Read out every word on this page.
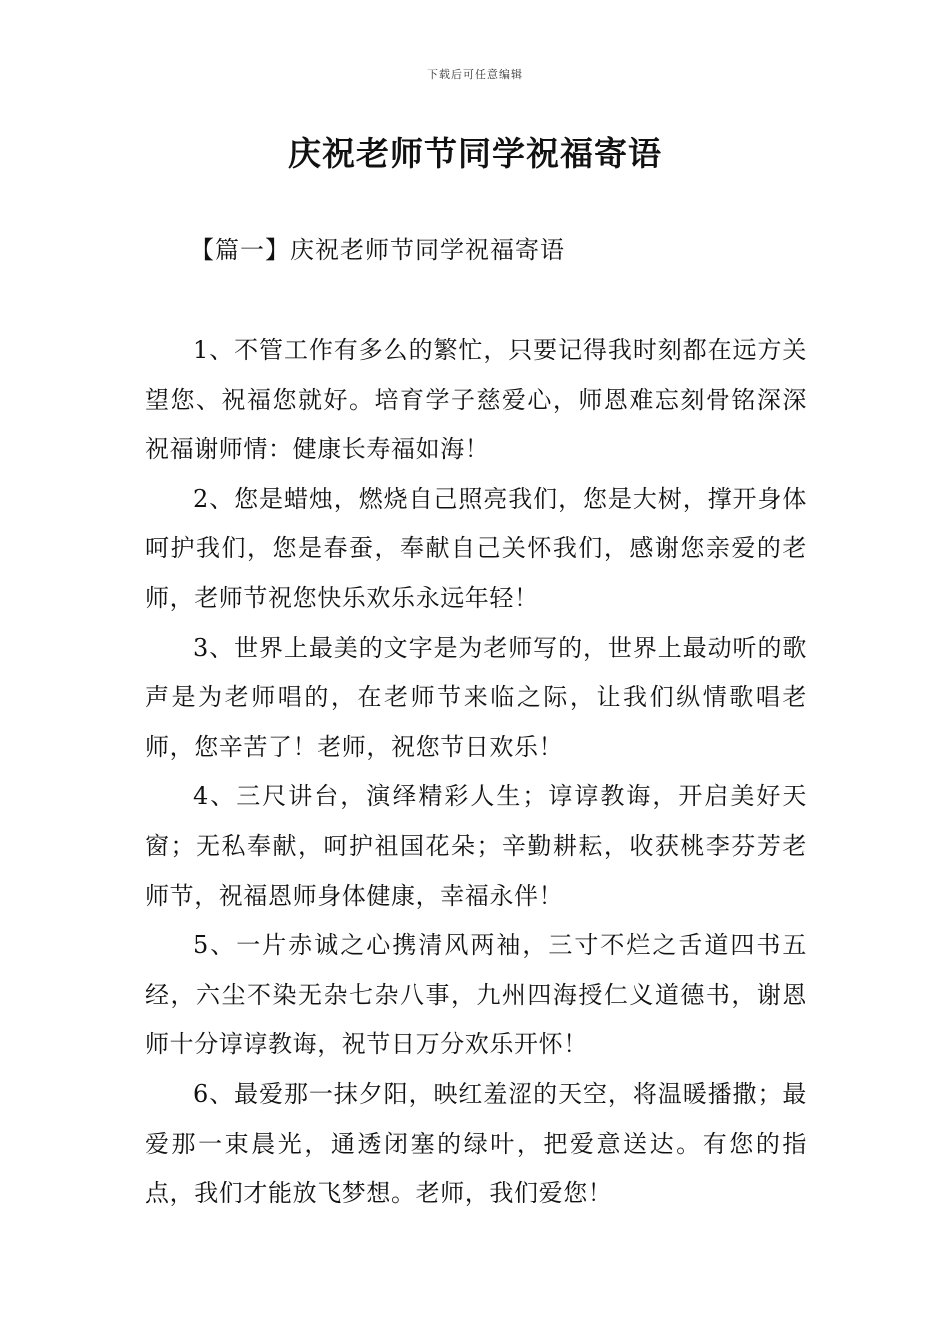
下载后可任意编辑
庆祝老师节同学祝福寄语
【篇一】庆祝老师节同学祝福寄语

1、不管工作有多么的繁忙，只要记得我时刻都在远方关望您、祝福您就好。培育学子慈爱心，师恩难忘刻骨铭深深祝福谢师情：健康长寿福如海！

2、您是蜡烛，燃烧自己照亮我们，您是大树，撑开身体呵护我们，您是春蚕，奉献自己关怀我们，感谢您亲爱的老师，老师节祝您快乐欢乐永远年轻！

3、世界上最美的文字是为老师写的，世界上最动听的歌声是为老师唱的，在老师节来临之际，让我们纵情歌唱老师，您辛苦了！老师，祝您节日欢乐！

4、三尺讲台，演绎精彩人生；谆谆教诲，开启美好天窗；无私奉献，呵护祖国花朵；辛勤耕耘，收获桃李芬芳老师节，祝福恩师身体健康，幸福永伴！

5、一片赤诚之心携清风两袖，三寸不烂之舌道四书五经，六尘不染无杂七杂八事，九州四海授仁义道德书，谢恩师十分谆谆教诲，祝节日万分欢乐开怀！

6、最爱那一抹夕阳，映红羞涩的天空，将温暖播撒；最爱那一束晨光，通透闭塞的绿叶，把爱意送达。有您的指点，我们才能放飞梦想。老师，我们爱您！
